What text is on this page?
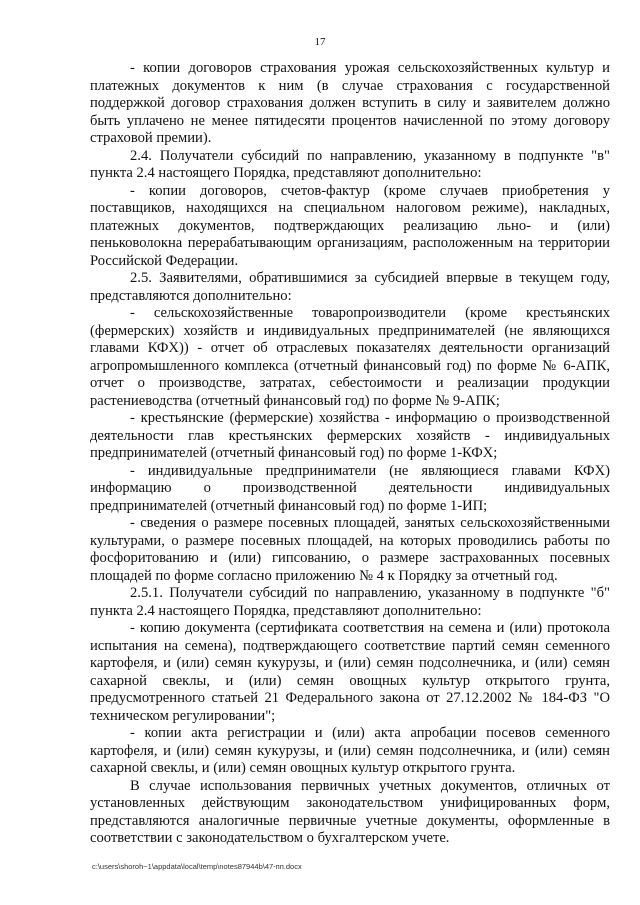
17

- копии договоров страхования урожая сельскохозяйственных культур и платежных документов к ним (в случае страхования с государственной поддержкой договор страхования должен вступить в силу и заявителем должно быть уплачено не менее пятидесяти процентов начисленной по этому договору страховой премии).

2.4. Получатели субсидий по направлению, указанному в подпункте "в" пункта 2.4 настоящего Порядка, представляют дополнительно:

- копии договоров, счетов-фактур (кроме случаев приобретения у поставщиков, находящихся на специальном налоговом режиме), накладных, платежных документов, подтверждающих реализацию льно- и (или) пеньковолокна перерабатывающим организациям, расположенным на территории Российской Федерации.

2.5. Заявителями, обратившимися за субсидией впервые в текущем году, представляются дополнительно:

- сельскохозяйственные товаропроизводители (кроме крестьянских (фермерских) хозяйств и индивидуальных предпринимателей (не являющихся главами КФХ)) - отчет об отраслевых показателях деятельности организаций агропромышленного комплекса (отчетный финансовый год) по форме № 6-АПК, отчет о производстве, затратах, себестоимости и реализации продукции растениеводства (отчетный финансовый год) по форме № 9-АПК;

- крестьянские (фермерские) хозяйства - информацию о производственной деятельности глав крестьянских фермерских хозяйств - индивидуальных предпринимателей (отчетный финансовый год) по форме 1-КФХ;

- индивидуальные предприниматели (не являющиеся главами КФХ) информацию о производственной деятельности индивидуальных предпринимателей (отчетный финансовый год) по форме 1-ИП;

- сведения о размере посевных площадей, занятых сельскохозяйственными культурами, о размере посевных площадей, на которых проводились работы по фосфоритованию и (или) гипсованию, о размере застрахованных посевных площадей по форме согласно приложению № 4 к Порядку за отчетный год.

2.5.1. Получатели субсидий по направлению, указанному в подпункте "б" пункта 2.4 настоящего Порядка, представляют дополнительно:

- копию документа (сертификата соответствия на семена и (или) протокола испытания на семена), подтверждающего соответствие партий семян семенного картофеля, и (или) семян кукурузы, и (или) семян подсолнечника, и (или) семян сахарной свеклы, и (или) семян овощных культур открытого грунта, предусмотренного статьей 21 Федерального закона от 27.12.2002 № 184-ФЗ "О техническом регулировании";

- копии акта регистрации и (или) акта апробации посевов семенного картофеля, и (или) семян кукурузы, и (или) семян подсолнечника, и (или) семян сахарной свеклы, и (или) семян овощных культур открытого грунта.

В случае использования первичных учетных документов, отличных от установленных действующим законодательством унифицированных форм, представляются аналогичные первичные учетные документы, оформленные в соответствии с законодательством о бухгалтерском учете.

c:\users\shoroh~1\appdata\local\temp\notes87944b\47-пп.docx
